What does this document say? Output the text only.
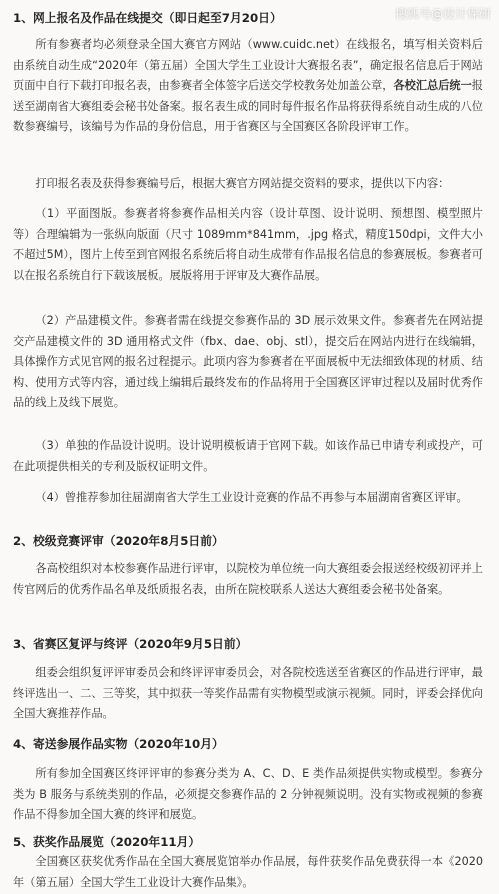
搜狐号@设计保研

1、网上报名及作品在线提交（即日起至7月20日）

所有参赛者均必须登录全国大赛官方网站（www.cuidc.net）在线报名，填写相关资料后由系统自动生成“2020年（第五届）全国大学生工业设计大赛报名表”，确定报名信息后于网站页面中自行下载打印报名表，由参赛者全体签字后送交学校教务处加盖公章，各校汇总后统一报送至湖南省大赛组委会秘书处备案。报名表生成的同时每件报名作品将获得系统自动生成的八位数参赛编号，该编号为作品的身份信息，用于省赛区与全国赛区各阶段评审工作。

打印报名表及获得参赛编号后，根据大赛官方网站提交资料的要求，提供以下内容：

（1）平面图版。参赛者将参赛作品相关内容（设计草图、设计说明、预想图、模型照片等）合理编辑为一张纵向版面（尺寸 1089mm*841mm，.jpg 格式，精度150dpi，文件大小不超过5M），图片上传至到官网报名系统后将自动生成带有作品报名信息的参赛展板。参赛者可以在报名系统自行下载该展板。展版将用于评审及大赛作品展。

（2）产品建模文件。参赛者需在线提交参赛作品的 3D 展示效果文件。参赛者先在网站提交产品建模文件的 3D 通用格式文件（fbx、dae、obj、stl），提交后在网站内进行在线编辑，具体操作方式见官网的报名过程提示。此项内容为参赛者在平面展板中无法细致体现的材质、结构、使用方式等内容，通过线上编辑后最终发布的作品将用于全国赛区评审过程以及届时优秀作品的线上及线下展览。

（3）单独的作品设计说明。设计说明模板请于官网下载。如该作品已申请专利或投产，可在此项提供相关的专利及版权证明文件。

（4）曾推荐参加往届湖南省大学生工业设计竞赛的作品不再参与本届湖南省赛区评审。

2、校级竞赛评审（2020年8月5日前）

各高校组织对本校参赛作品进行评审，以院校为单位统一向大赛组委会报送经校级初评并上传官网后的优秀作品名单及纸质报名表，由所在院校联系人送达大赛组委会秘书处备案。

3、省赛区复评与终评（2020年9月5日前）

组委会组织复评评审委员会和终评评审委员会，对各院校选送至省赛区的作品进行评审，最终评选出一、二、三等奖，其中拟获一等奖作品需有实物模型或演示视频。同时，评委会择优向全国大赛推荐作品。

4、寄送参展作品实物（2020年10月）

所有参加全国赛区终评评审的参赛分类为 A、C、D、E 类作品须提供实物或模型。参赛分类为 B 服务与系统类别的作品，必须提交参赛作品的 2 分钟视频说明。没有实物或视频的参赛作品不得参加全国大赛的终评和展览。

5、获奖作品展览（2020年11月）

全国赛区获奖优秀作品在全国大赛展览馆举办作品展，每件获奖作品免费获得一本《2020 年（第五届）全国大学生工业设计大赛作品集》。
